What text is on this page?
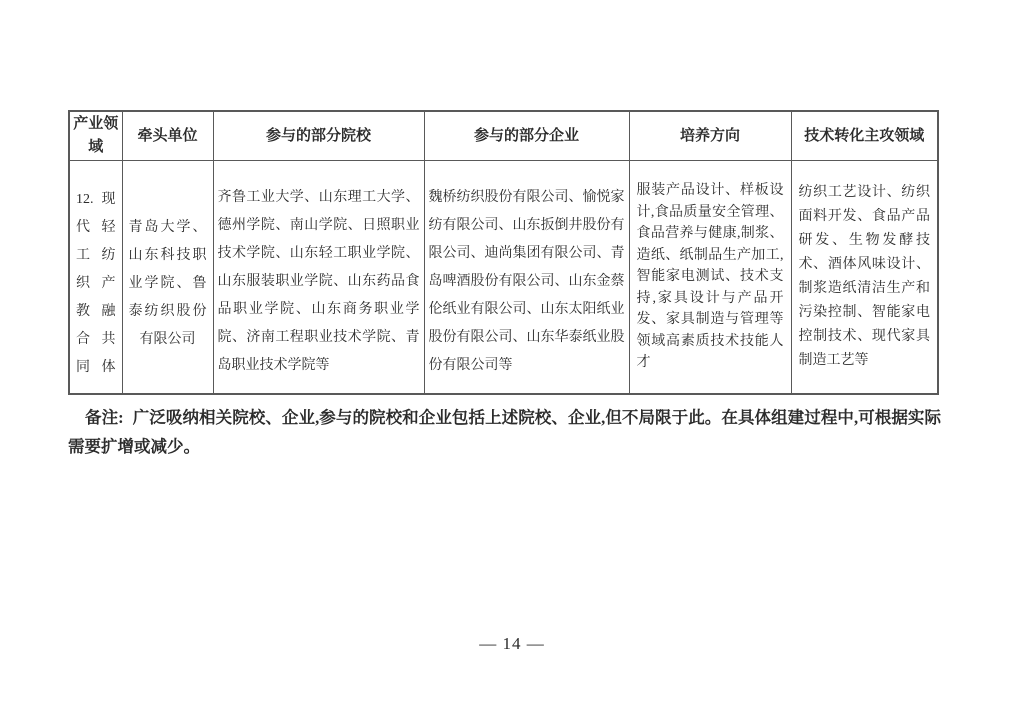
产业领域	牵头单位	参与的部分院校	参与的部分企业	培养方向	技术转化主攻领域
12.现代轻工纺织产教融合共同体	青岛大学、山东科技职业学院、鲁泰纺织股份有限公司	齐鲁工业大学、山东理工大学、德州学院、南山学院、日照职业技术学院、山东轻工职业学院、山东服装职业学院、山东药品食品职业学院、山东商务职业学院、济南工程职业技术学院、青岛职业技术学院等	魏桥纺织股份有限公司、愉悦家纺有限公司、山东扳倒井股份有限公司、迪尚集团有限公司、青岛啤酒股份有限公司、山东金蔡伦纸业有限公司、山东太阳纸业股份有限公司、山东华泰纸业股份有限公司等	服装产品设计、样板设计,食品质量安全管理、食品营养与健康,制浆、造纸、纸制品生产加工,智能家电测试、技术支持,家具设计与产品开发、家具制造与管理等领域高素质技术技能人才	纺织工艺设计、纺织面料开发、食品产品研发、生物发酵技术、酒体风味设计、制浆造纸清洁生产和污染控制、智能家电控制技术、现代家具制造工艺等

备注: 广泛吸纳相关院校、企业,参与的院校和企业包括上述院校、企业,但不局限于此。在具体组建过程中,可根据实际需要扩增或减少。

— 14 —
